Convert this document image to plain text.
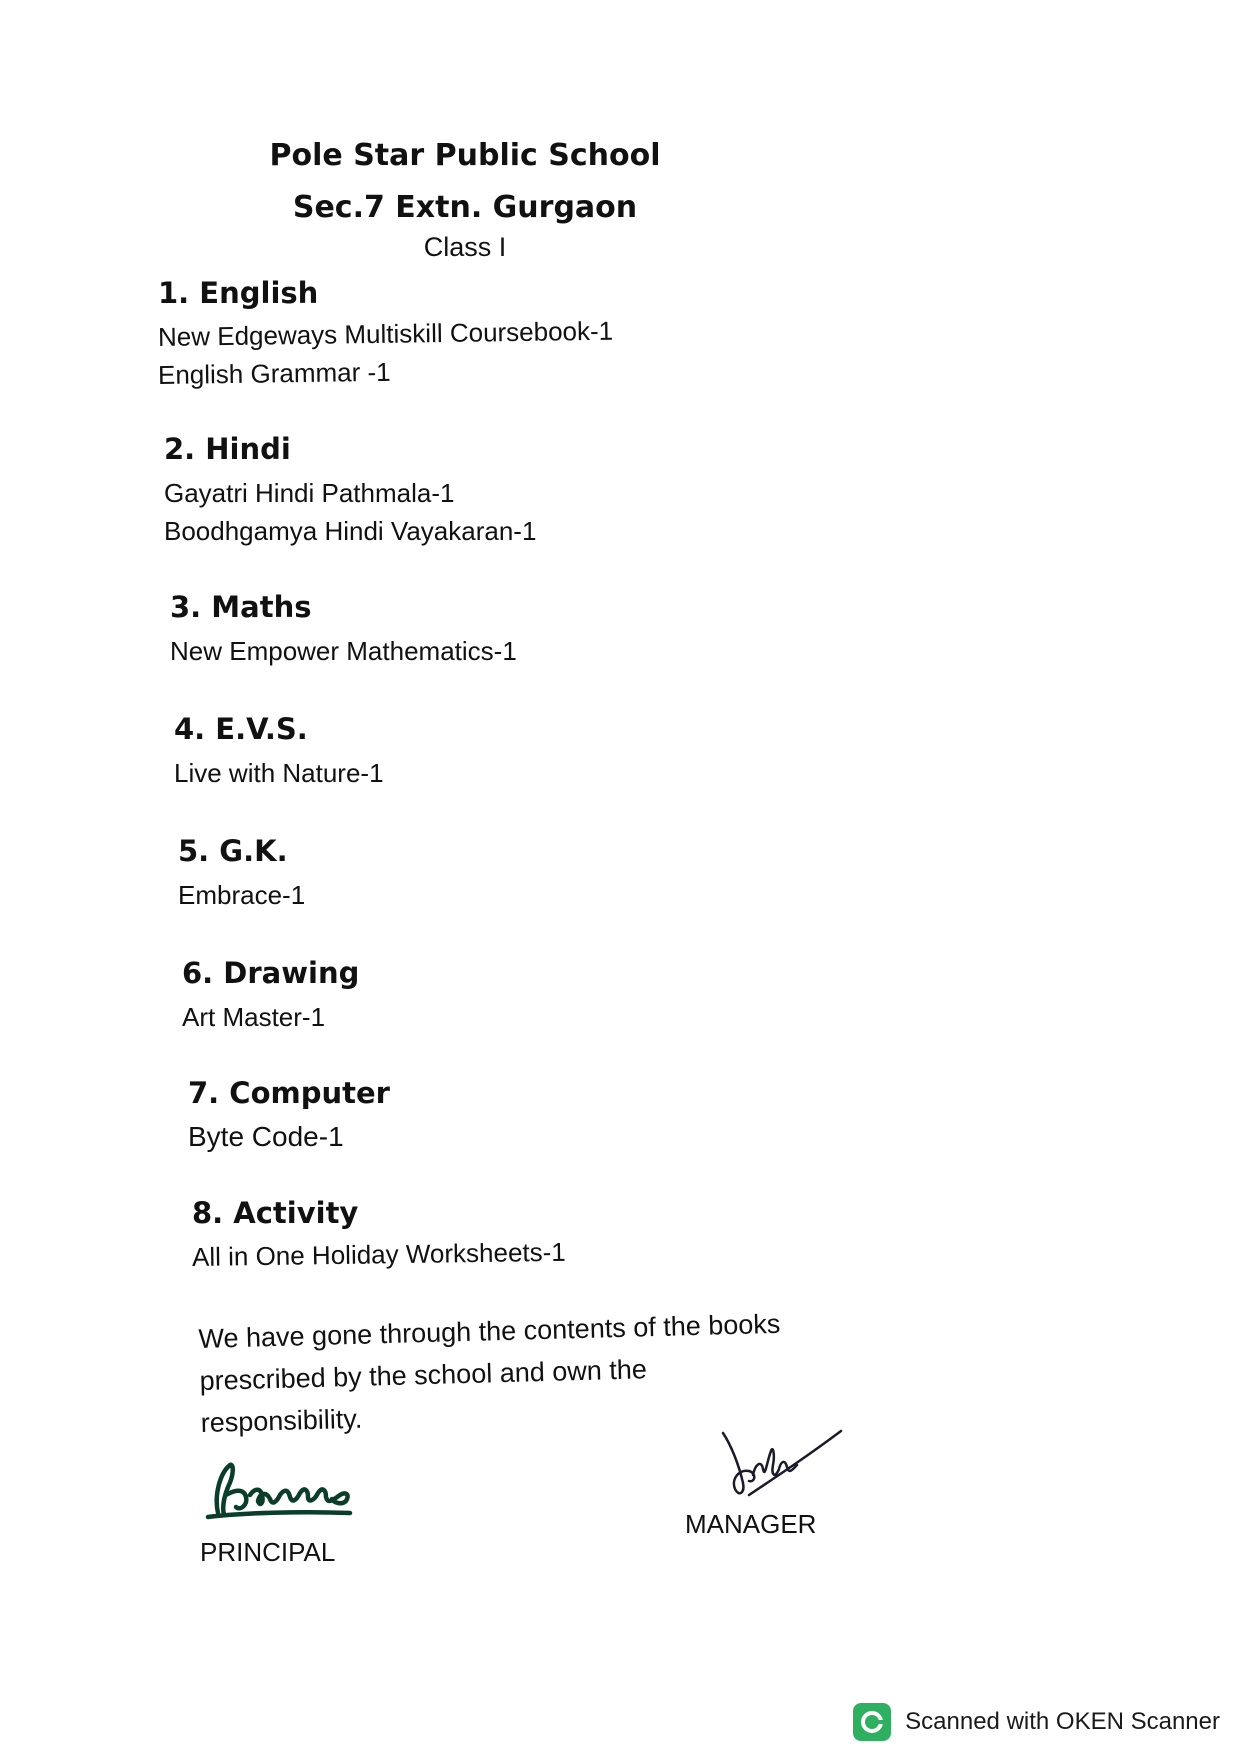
Pole Star Public School
Sec.7 Extn. Gurgaon
Class I
1. English
New Edgeways Multiskill Coursebook-1
English Grammar -1
2. Hindi
Gayatri Hindi Pathmala-1
Boodhgamya Hindi Vayakaran-1
3. Maths
New Empower Mathematics-1
4. E.V.S.
Live with Nature-1
5. G.K.
Embrace-1
6. Drawing
Art Master-1
7. Computer
Byte Code-1
8. Activity
All in One Holiday Worksheets-1
We have gone through the contents of the books
prescribed by the school and own the
responsibility.
PRINCIPAL
MANAGER
Scanned with OKEN Scanner
